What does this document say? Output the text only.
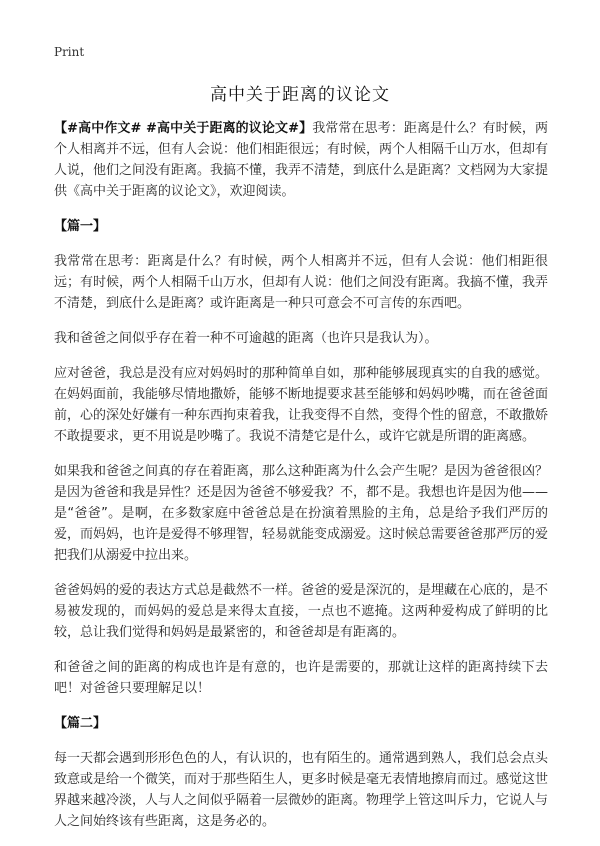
Print
高中关于距离的议论文

【#高中作文# #高中关于距离的议论文#】我常常在思考：距离是什么？有时候，两个人相离并不远，但有人会说：他们相距很远；有时候，两个人相隔千山万水，但却有人说，他们之间没有距离。我搞不懂，我弄不清楚，到底什么是距离？文档网为大家提供《高中关于距离的议论文》，欢迎阅读。

【篇一】

我常常在思考：距离是什么？有时候，两个人相离并不远，但有人会说：他们相距很远；有时候，两个人相隔千山万水，但却有人说：他们之间没有距离。我搞不懂，我弄不清楚，到底什么是距离？或许距离是一种只可意会不可言传的东西吧。

我和爸爸之间似乎存在着一种不可逾越的距离（也许只是我认为）。

应对爸爸，我总是没有应对妈妈时的那种简单自如，那种能够展现真实的自我的感觉。在妈妈面前，我能够尽情地撒娇，能够不断地提要求甚至能够和妈妈吵嘴，而在爸爸面前，心的深处好嫌有一种东西拘束着我，让我变得不自然，变得个性的留意，不敢撒娇不敢提要求，更不用说是吵嘴了。我说不清楚它是什么，或许它就是所谓的距离感。

如果我和爸爸之间真的存在着距离，那么这种距离为什么会产生呢？是因为爸爸很凶？是因为爸爸和我是异性？还是因为爸爸不够爱我？不，都不是。我想也许是因为他——是“爸爸”。是啊，在多数家庭中爸爸总是在扮演着黑脸的主角，总是给予我们严厉的爱，而妈妈，也许是爱得不够理智，轻易就能变成溺爱。这时候总需要爸爸那严厉的爱把我们从溺爱中拉出来。

爸爸妈妈的爱的表达方式总是截然不一样。爸爸的爱是深沉的，是埋藏在心底的，是不易被发现的，而妈妈的爱总是来得太直接，一点也不遮掩。这两种爱构成了鲜明的比较，总让我们觉得和妈妈是最紧密的，和爸爸却是有距离的。

和爸爸之间的距离的构成也许是有意的，也许是需要的，那就让这样的距离持续下去吧！对爸爸只要理解足以！

【篇二】

每一天都会遇到形形色色的人，有认识的，也有陌生的。通常遇到熟人，我们总会点头致意或是给一个微笑，而对于那些陌生人，更多时候是毫无表情地擦肩而过。感觉这世界越来越冷淡，人与人之间似乎隔着一层微妙的距离。物理学上管这叫斥力，它说人与人之间始终该有些距离，这是务必的。
